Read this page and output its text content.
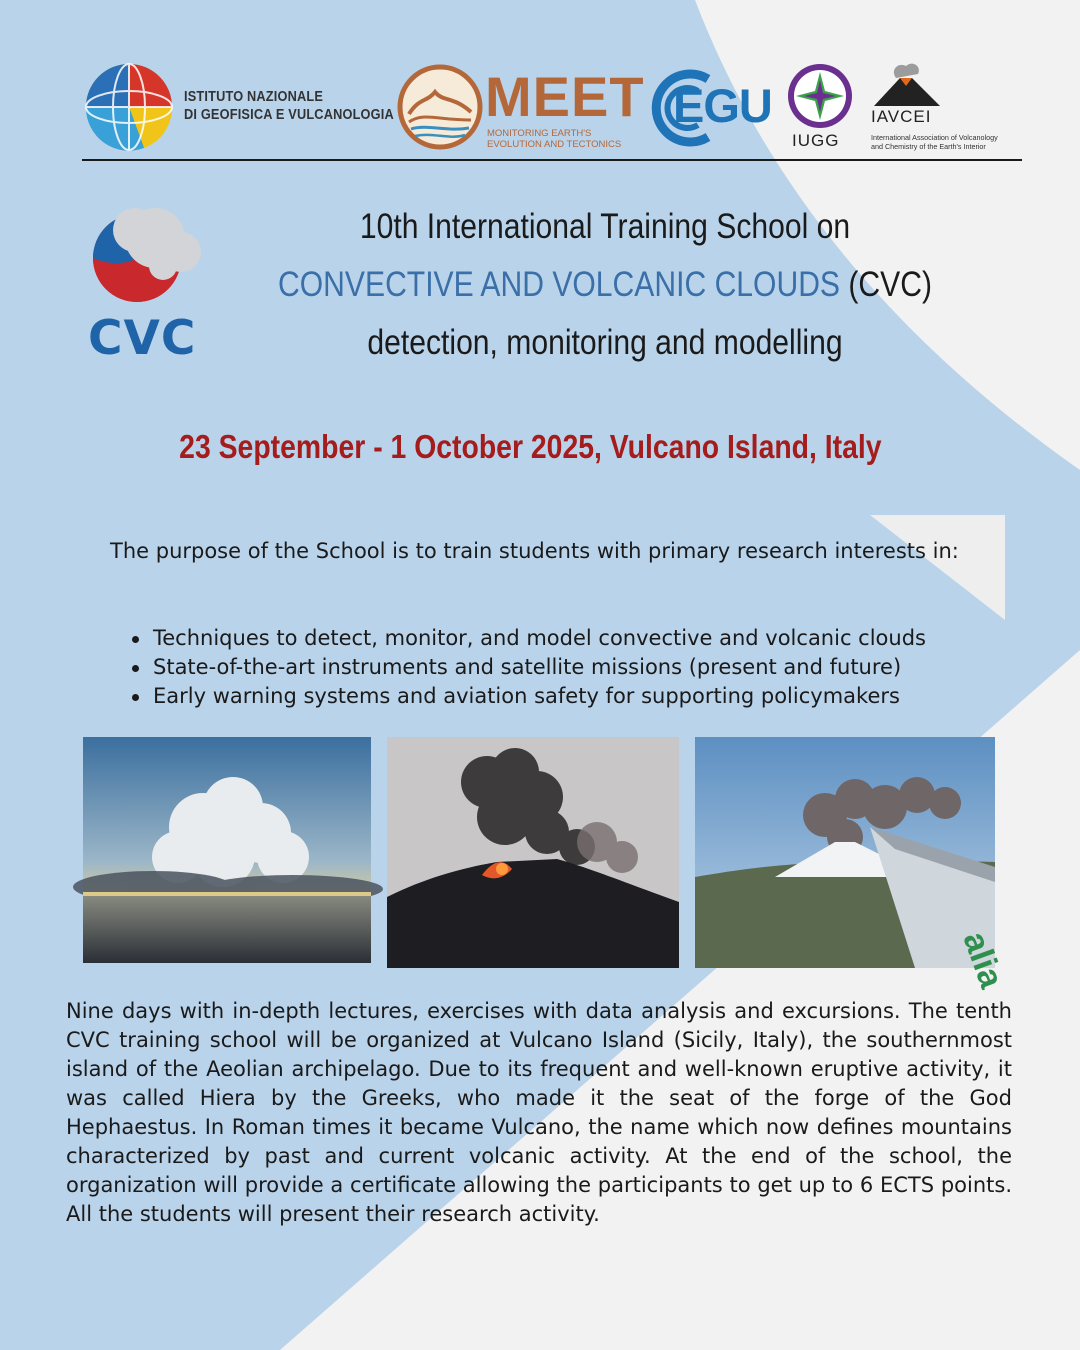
ISTITUTO NAZIONALE
DI GEOFISICA E VULCANOLOGIA MEET
MONITORING EARTH'S
EVOLUTION AND TECTONICS
EGU
IUGG
IAVCEI
International Association of Volcanology
and Chemistry of the Earth's Interior
CVC
10th International Training School on
CONVECTIVE AND VOLCANIC CLOUDS (CVC)
detection, monitoring and modelling
23 September - 1 October 2025, Vulcano Island, Italy
The purpose of the School is to train students with primary research interests in:
Techniques to detect, monitor, and model convective and volcanic clouds
State-of-the-art instruments and satellite missions (present and future)
Early warning systems and aviation safety for supporting policymakers
alia
Nine days with in-depth lectures, exercises with data analysis and excursions. The tenth CVC training school will be organized at Vulcano Island (Sicily, Italy), the southernmost island of the Aeolian archipelago. Due to its frequent and well-known eruptive activity, it was called Hiera by the Greeks, who made it the seat of the forge of the God Hephaestus. In Roman times it became Vulcano, the name which now defines mountains characterized by past and current volcanic activity. At the end of the school, the organization will provide a certificate allowing the participants to get up to 6 ECTS points. All the students will present their research activity.
